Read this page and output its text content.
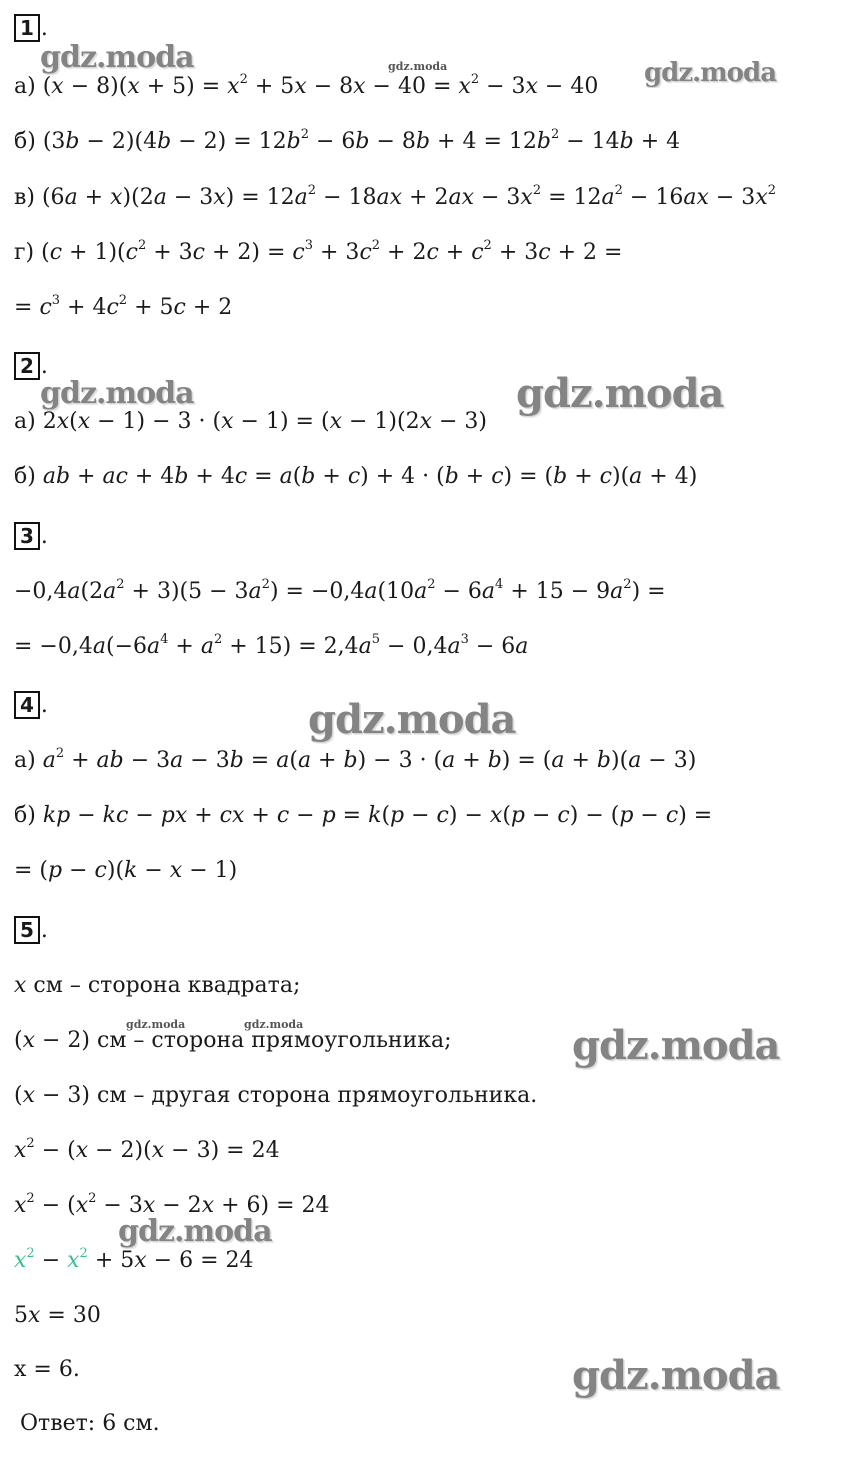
1 .
а) $(x - 8)(x + 5) = x^2 + 5x - 8x - 40 = x^2 - 3x - 40$
б) $(3b - 2)(4b - 2) = 12b^2 - 6b - 8b + 4 = 12b^2 - 14b + 4$
в) $(6a + x)(2a - 3x) = 12a^2 - 18ax + 2ax - 3x^2 = 12a^2 - 16ax - 3x^2$
г) $(c + 1)(c^2 + 3c + 2) = c^3 + 3c^2 + 2c + c^2 + 3c + 2$ =
= $c^3 + 4c^2 + 5c + 2$
2 .
а) 2x(x − 1) − 3 · (x − 1) = (x − 1)(2x − 3)
б) ab + ac + 4b + 4c = a(b + c) + 4 · (b + c) = (b + c)(a + 4)
3 .
$-0,4a(2a^2 + 3)(5 - 3a^2) = -0,4a(10a^2 - 6a^4 + 15 - 9a^2)$ =
= $-0,4a(-6a^4 + a^2 + 15) = 2,4a^5 - 0,4a^3 - 6a$
4 .
а) $a^2$ + ab − 3a − 3b = a(a + b) − 3 · (a + b) = (a + b)(a − 3)
б) kp − kc − px + cx + c − p = k(p − c) − x(p − c) − (p − c) =
= (p − c)(k − x − 1)
5 .
x см – сторона квадрата;
(x − 2) см – сторона прямоугольника;
(x − 3) см – другая сторона прямоугольника.
$x^2 - (x - 2)(x - 3) = 24$
$x^2 - (x^2 - 3x - 2x + 6) = 24$
$x^2 - x^2 + 5x - 6 = 24$
5x = 30
x = 6.
Ответ: 6 см.
gdz.moda	gdz.moda	gdz.moda
gdz.moda	gdz.moda
gdz.moda
gdz.moda	gdz.moda	gdz.moda
gdz.moda
gdz.moda
